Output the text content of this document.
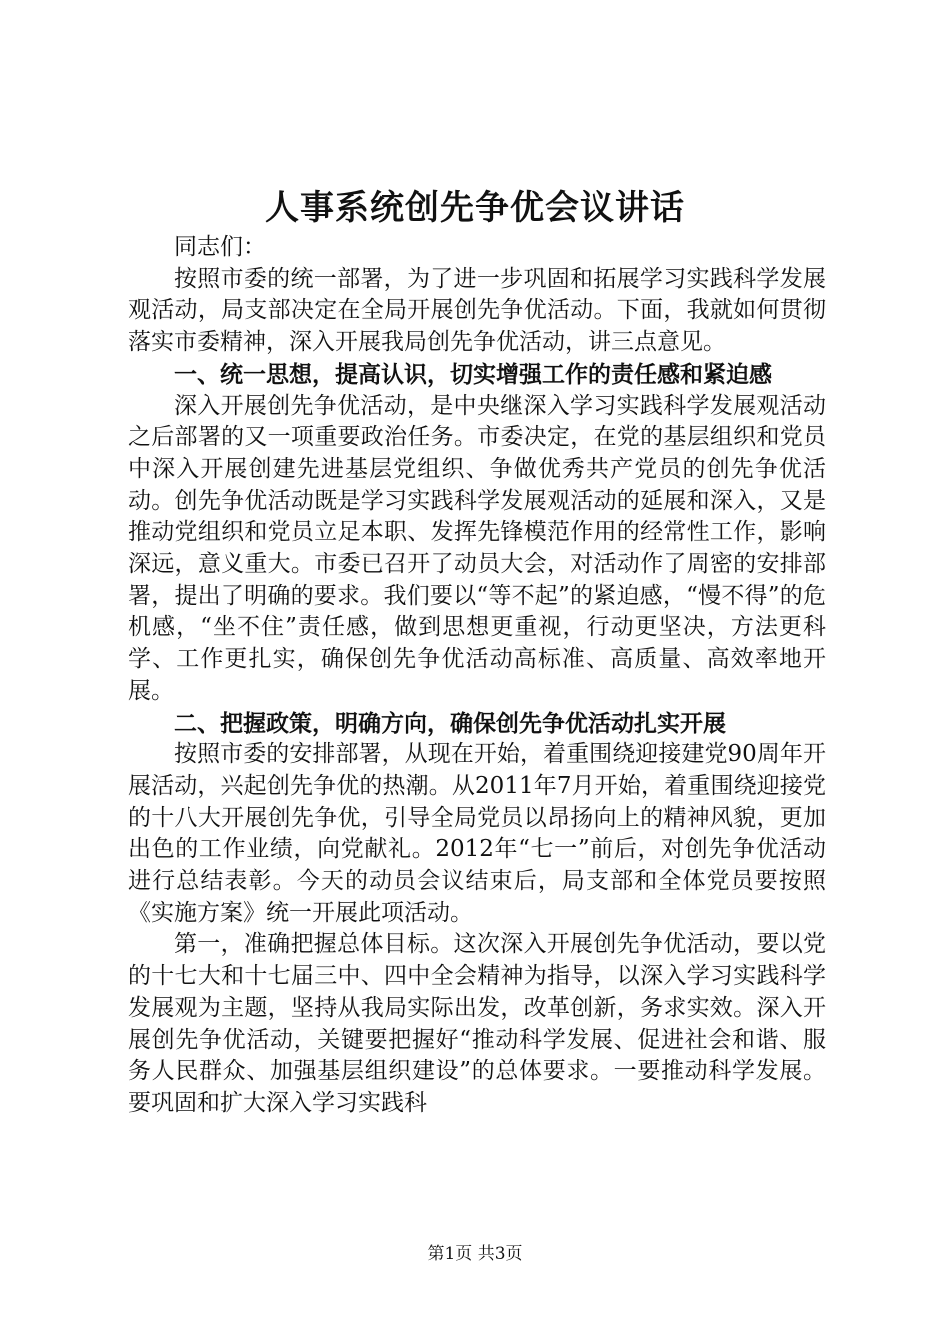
人事系统创先争优会议讲话

同志们：

按照市委的统一部署，为了进一步巩固和拓展学习实践科学发展观活动，局支部决定在全局开展创先争优活动。下面，我就如何贯彻落实市委精神，深入开展我局创先争优活动，讲三点意见。

一、统一思想，提高认识，切实增强工作的责任感和紧迫感

深入开展创先争优活动，是中央继深入学习实践科学发展观活动之后部署的又一项重要政治任务。市委决定，在党的基层组织和党员中深入开展创建先进基层党组织、争做优秀共产党员的创先争优活动。创先争优活动既是学习实践科学发展观活动的延展和深入，又是推动党组织和党员立足本职、发挥先锋模范作用的经常性工作，影响深远，意义重大。市委已召开了动员大会，对活动作了周密的安排部署，提出了明确的要求。我们要以“等不起”的紧迫感，“慢不得”的危机感，“坐不住”责任感，做到思想更重视，行动更坚决，方法更科学、工作更扎实，确保创先争优活动高标准、高质量、高效率地开展。

二、把握政策，明确方向，确保创先争优活动扎实开展

按照市委的安排部署，从现在开始，着重围绕迎接建党90周年开展活动，兴起创先争优的热潮。从2011年7月开始，着重围绕迎接党的十八大开展创先争优，引导全局党员以昂扬向上的精神风貌，更加出色的工作业绩，向党献礼。2012年“七一”前后，对创先争优活动进行总结表彰。今天的动员会议结束后，局支部和全体党员要按照《实施方案》统一开展此项活动。

第一，准确把握总体目标。这次深入开展创先争优活动，要以党的十七大和十七届三中、四中全会精神为指导，以深入学习实践科学发展观为主题，坚持从我局实际出发，改革创新，务求实效。深入开展创先争优活动，关键要把握好“推动科学发展、促进社会和谐、服务人民群众、加强基层组织建设”的总体要求。一要推动科学发展。要巩固和扩大深入学习实践科

第1页 共3页
